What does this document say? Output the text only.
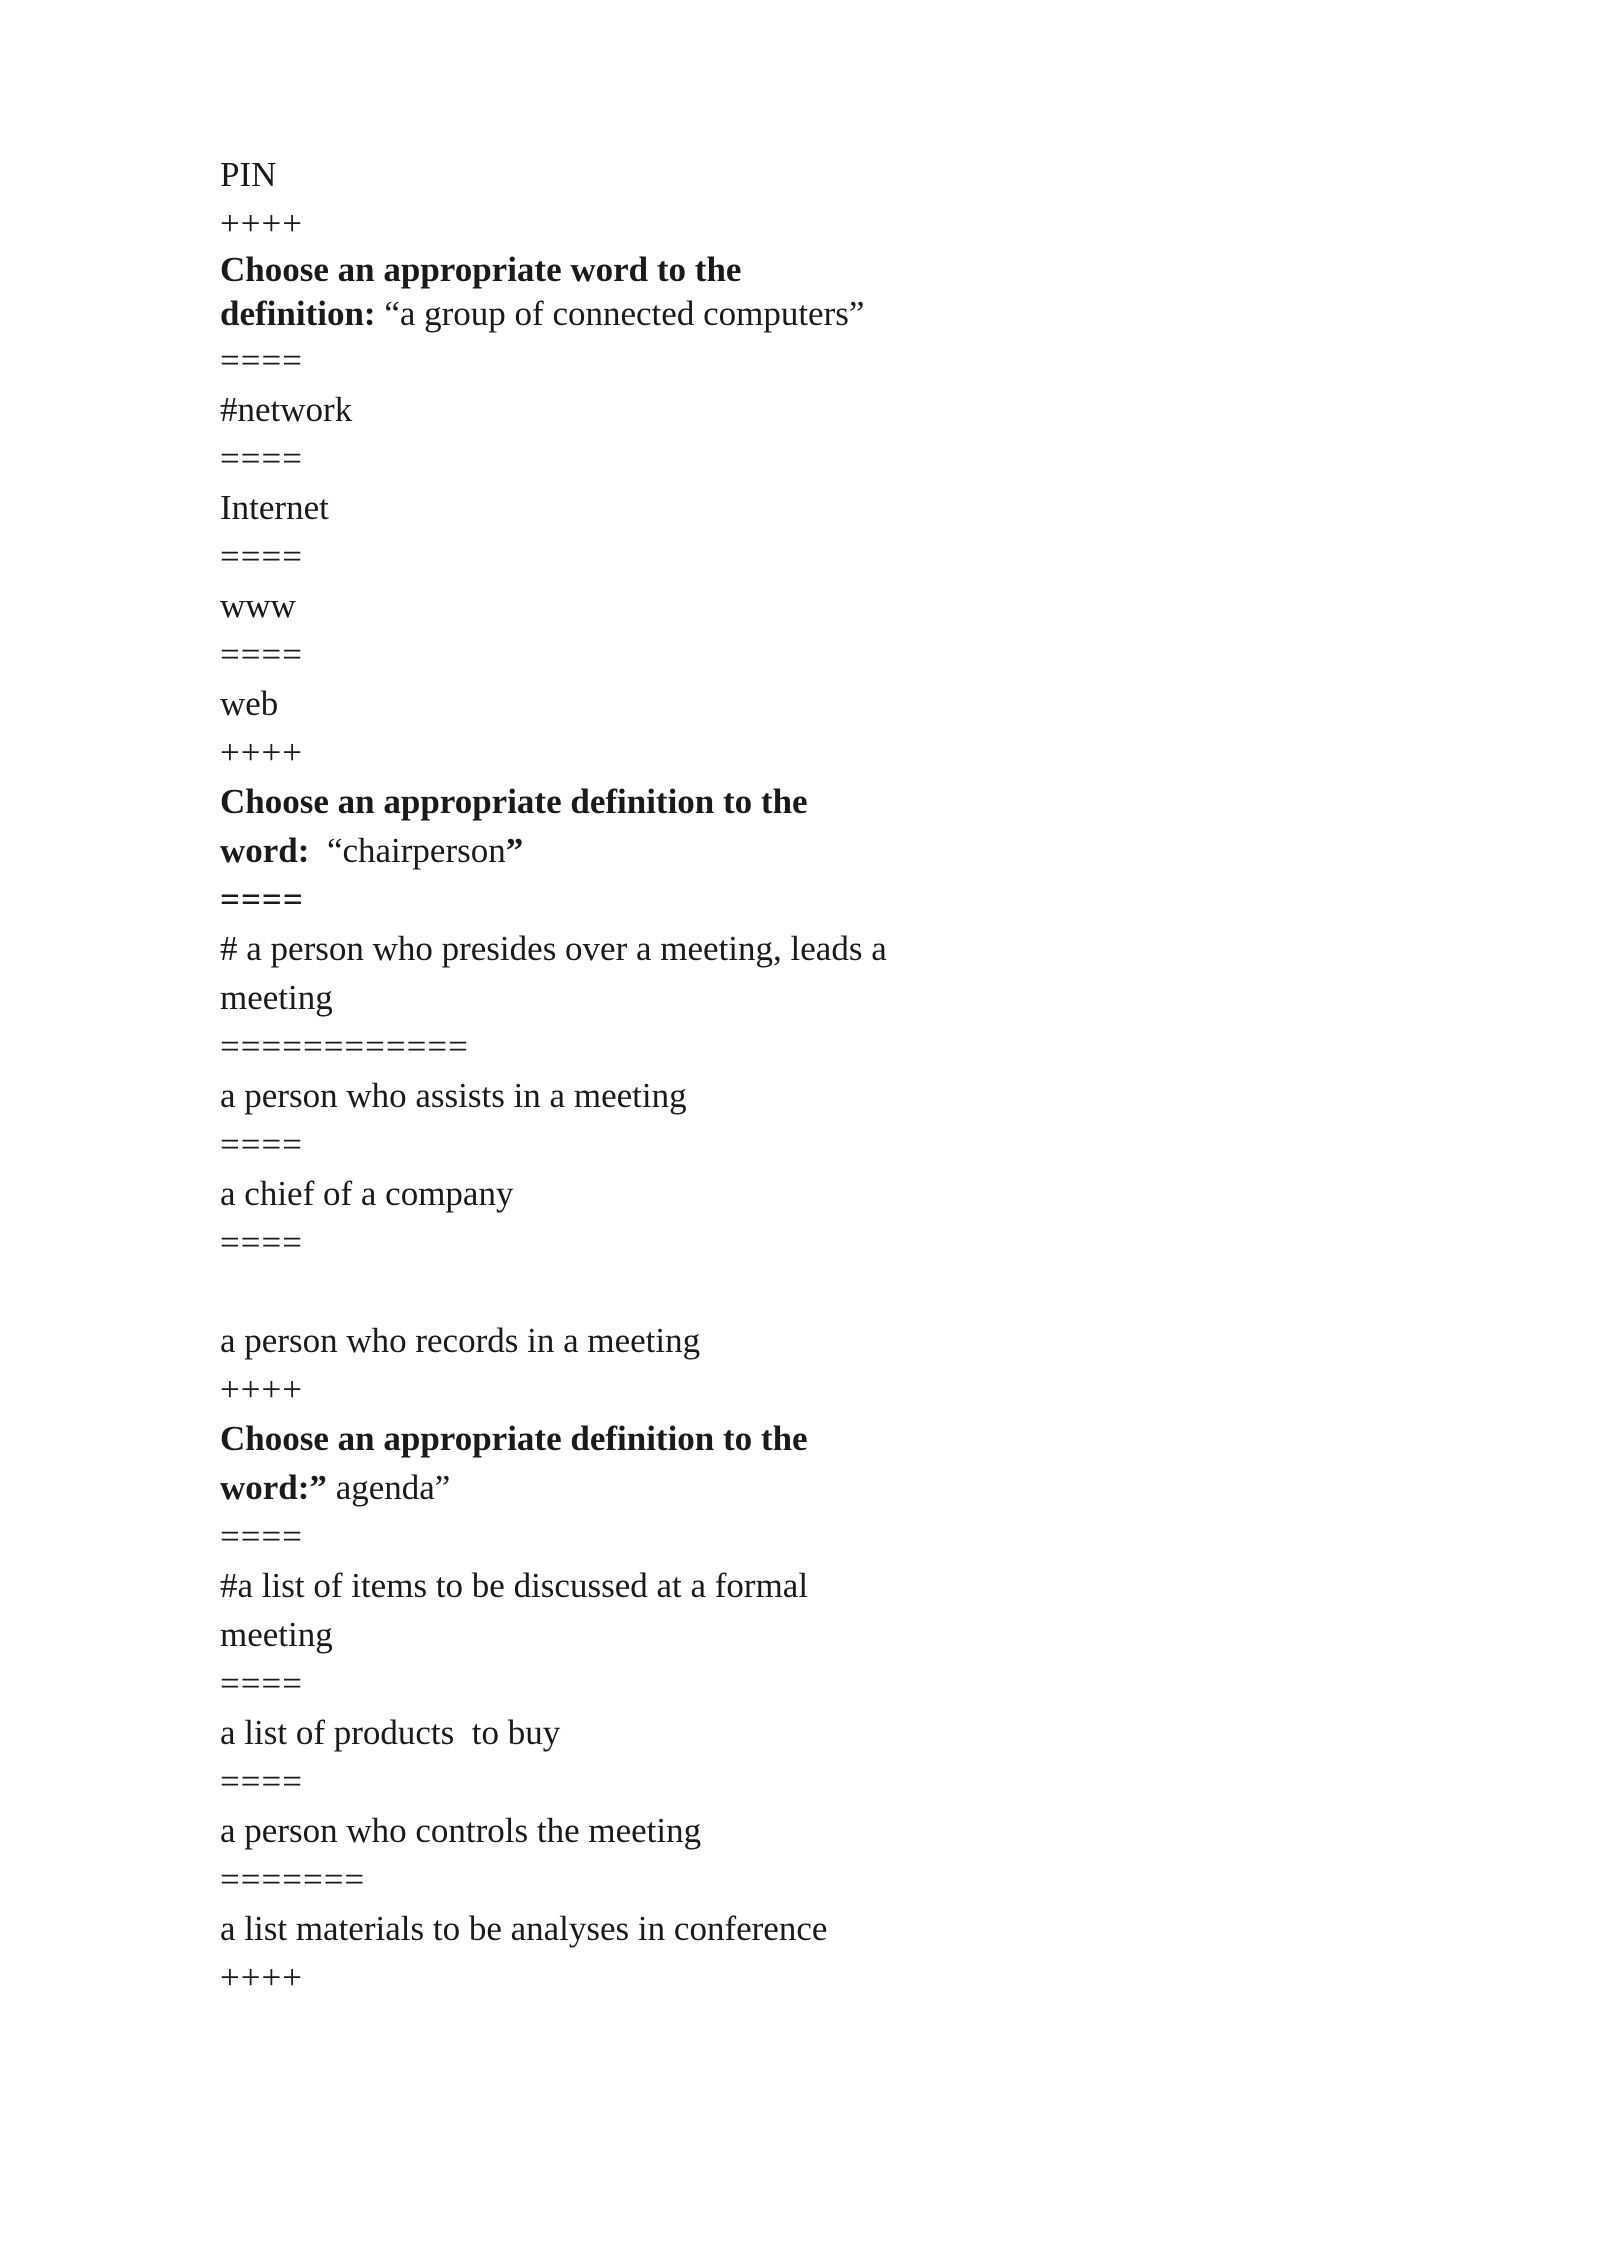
PIN
++++
Choose an appropriate word to the
definition: “a group of connected computers”
====
#network
====
Internet
====
www
====
web
++++
Choose an appropriate definition to the
word:  “chairperson”
====
# a person who presides over a meeting, leads a
meeting
============
a person who assists in a meeting
====
a chief of a company
====
a person who records in a meeting
++++
Choose an appropriate definition to the
word:” agenda”
====
#a list of items to be discussed at a formal
meeting
====
a list of products  to buy
====
a person who controls the meeting
=======
a list materials to be analyses in conference
++++
